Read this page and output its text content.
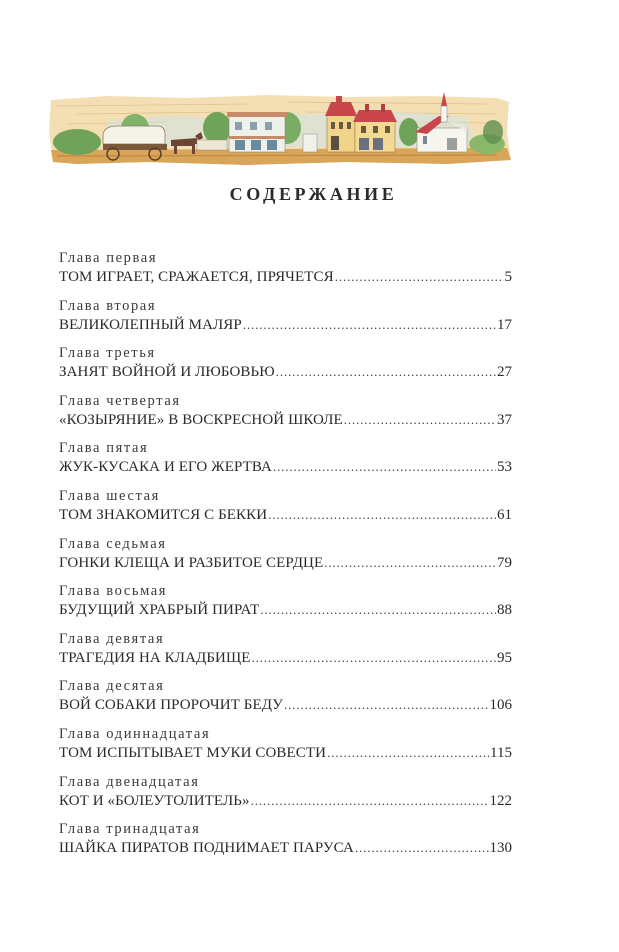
СОДЕРЖАНИЕ
Глава первая
ТОМ ИГРАЕТ, СРАЖАЕТСЯ, ПРЯЧЕТСЯ . . .	5
Глава вторая
ВЕЛИКОЛЕПНЫЙ МАЛЯР . . .	17
Глава третья
ЗАНЯТ ВОЙНОЙ И ЛЮБОВЬЮ . . .	27
Глава четвертая
«КОЗЫРЯНИЕ» В ВОСКРЕСНОЙ ШКОЛЕ . . .	37
Глава пятая
ЖУК-КУСАКА И ЕГО ЖЕРТВА . . .	53
Глава шестая
ТОМ ЗНАКОМИТСЯ С БЕККИ . . .	61
Глава седьмая
ГОНКИ КЛЕЩА И РАЗБИТОЕ СЕРДЦЕ . . .	79
Глава восьмая
БУДУЩИЙ ХРАБРЫЙ ПИРАТ . . .	88
Глава девятая
ТРАГЕДИЯ НА КЛАДБИЩЕ . . .	95
Глава десятая
ВОЙ СОБАКИ ПРОРОЧИТ БЕДУ . . .	106
Глава одиннадцатая
ТОМ ИСПЫТЫВАЕТ МУКИ СОВЕСТИ . . .	115
Глава двенадцатая
КОТ И «БОЛЕУТОЛИТЕЛЬ» . . .	122
Глава тринадцатая
ШАЙКА ПИРАТОВ ПОДНИМАЕТ ПАРУСА . . .	130
